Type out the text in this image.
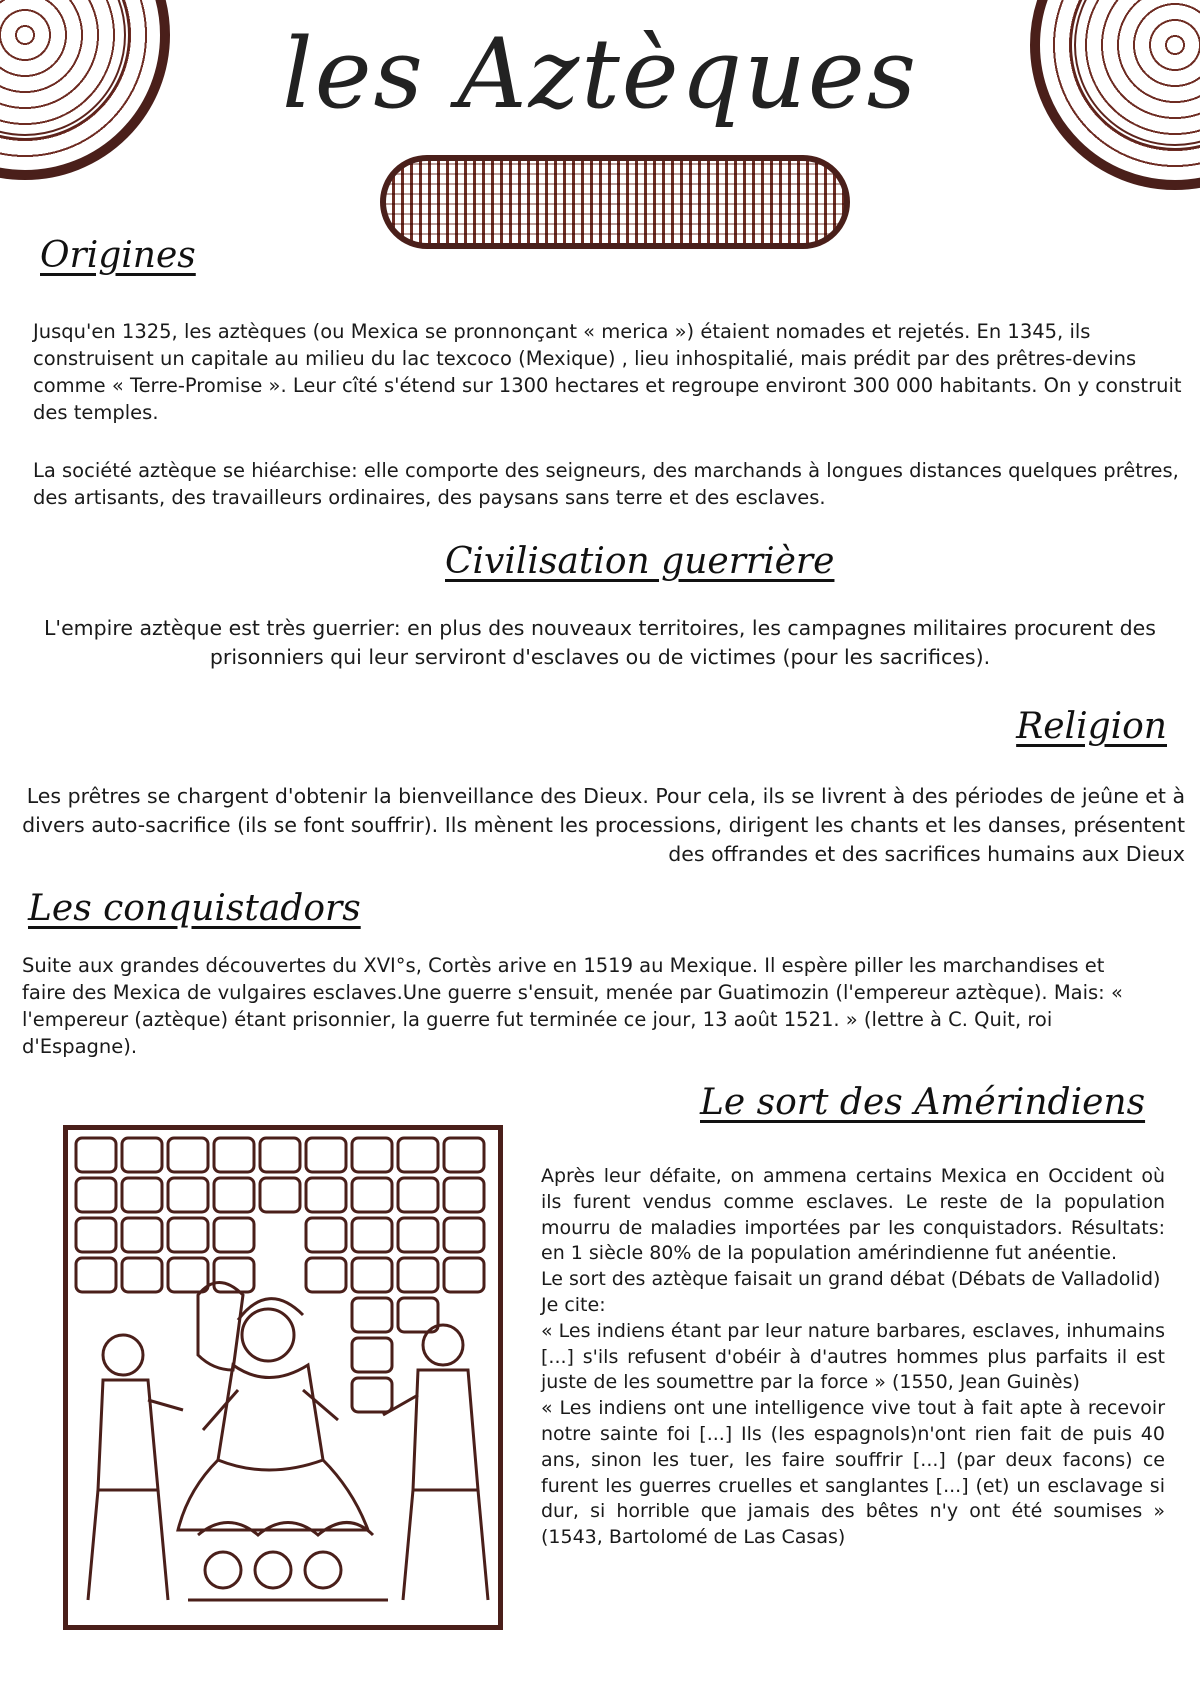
les Aztèques
Origines

Jusqu'en 1325, les aztèques (ou Mexica se pronnonçant « merica ») étaient nomades et rejetés. En 1345, ils construisent un capitale au milieu du lac texcoco (Mexique) , lieu inhospitalié, mais prédit par des prêtres-devins comme « Terre-Promise ». Leur cîté s'étend sur 1300 hectares et regroupe environt 300 000 habitants. On y construit des temples.

La société aztèque se hiéarchise: elle comporte des seigneurs, des marchands à longues distances quelques prêtres, des artisants, des travailleurs ordinaires, des paysans sans terre et des esclaves.

Civilisation guerrière
L'empire aztèque est très guerrier: en plus des nouveaux territoires, les campagnes militaires procurent des prisonniers qui leur serviront d'esclaves ou de victimes (pour les sacrifices).
Religion
Les prêtres se chargent d'obtenir la bienveillance des Dieux. Pour cela, ils se livrent à des périodes de jeûne et à divers auto-sacrifice (ils se font souffrir). Ils mènent les processions, dirigent les chants et les danses, présentent des offrandes et des sacrifices humains aux Dieux
Les conquistadors
Suite aux grandes découvertes du XVI°s, Cortès arive en 1519 au Mexique. Il espère piller les marchandises et faire des Mexica de vulgaires esclaves.Une guerre s'ensuit, menée par Guatimozin (l'empereur aztèque). Mais: « l'empereur (aztèque) étant prisonnier, la guerre fut terminée ce jour, 13 août 1521. » (lettre à C. Quit, roi d'Espagne).
Le sort des Amérindiens

Après leur défaite, on ammena certains Mexica en Occident où ils furent vendus comme esclaves. Le reste de la population mourru de maladies importées par les conquistadors. Résultats: en 1 siècle 80% de la population amérindienne fut anéentie.

Le sort des aztèque faisait un grand débat (Débats de Valladolid)

Je cite:

« Les indiens étant par leur nature barbares, esclaves, inhumains [...] s'ils refusent d'obéir à d'autres hommes plus parfaits il est juste de les soumettre par la force » (1550, Jean Guinès)

« Les indiens ont une intelligence vive tout à fait apte à recevoir notre sainte foi [...] Ils (les espagnols)n'ont rien fait de puis 40 ans, sinon les tuer, les faire souffrir [...] (par deux facons) ce furent les guerres cruelles et sanglantes [...] (et) un esclavage si dur, si horrible que jamais des bêtes n'y ont été soumises » (1543, Bartolomé de Las Casas)
